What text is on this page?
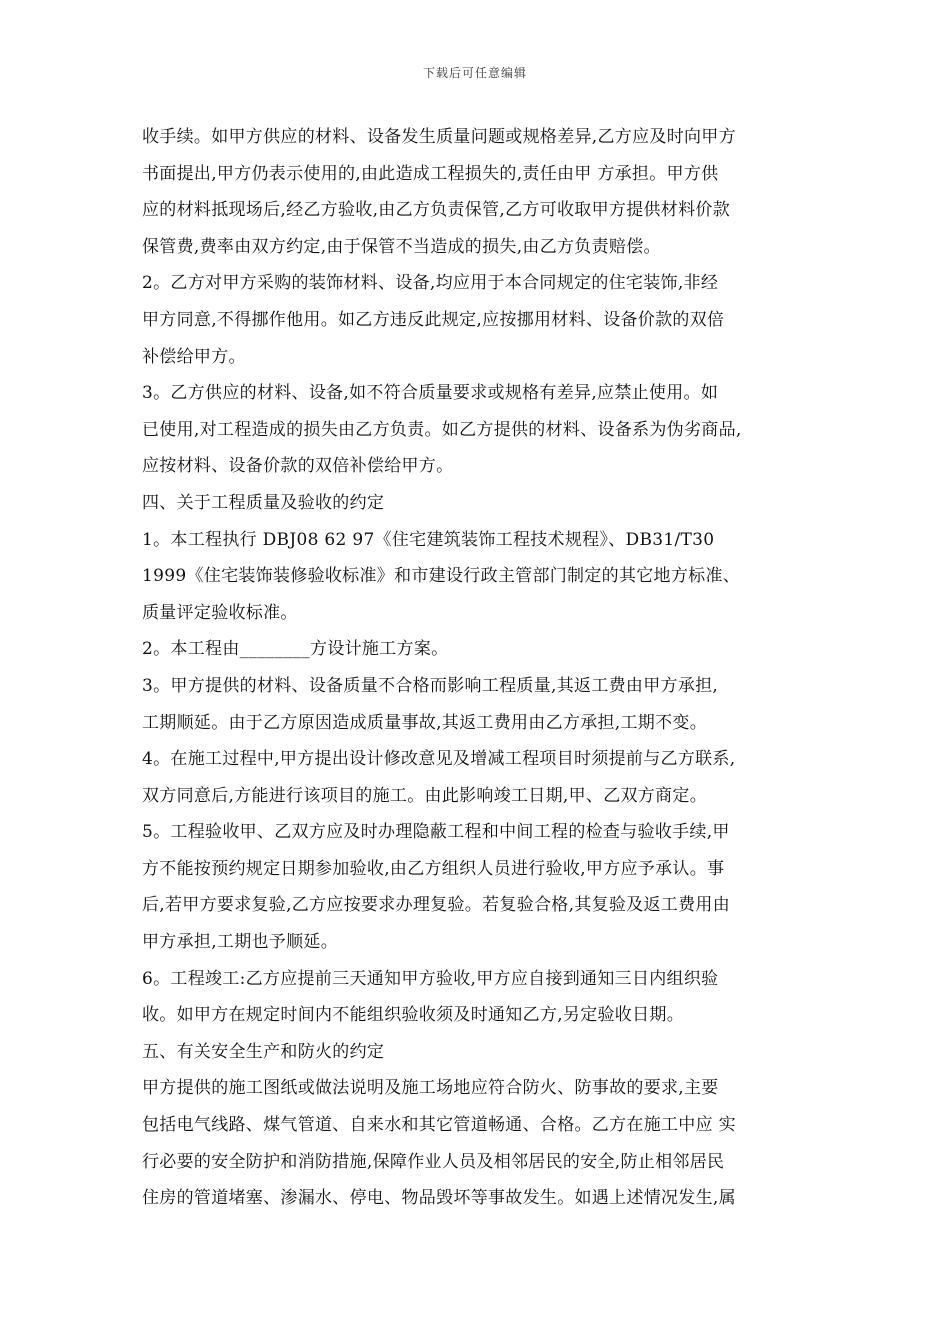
下载后可任意编辑
收手续。如甲方供应的材料、设备发生质量问题或规格差异,乙方应及时向甲方
书面提出,甲方仍表示使用的,由此造成工程损失的,责任由甲 方承担。甲方供
应的材料抵现场后,经乙方验收,由乙方负责保管,乙方可收取甲方提供材料价款
保管费,费率由双方约定,由于保管不当造成的损失,由乙方负责赔偿。
2。乙方对甲方采购的装饰材料、设备,均应用于本合同规定的住宅装饰,非经
甲方同意,不得挪作他用。如乙方违反此规定,应按挪用材料、设备价款的双倍
补偿给甲方。
3。乙方供应的材料、设备,如不符合质量要求或规格有差异,应禁止使用。如
已使用,对工程造成的损失由乙方负责。如乙方提供的材料、设备系为伪劣商品,
应按材料、设备价款的双倍补偿给甲方。
四、关于工程质量及验收的约定
1。本工程执行 DBJ08 62 97《住宅建筑装饰工程技术规程》、DB31/T30
1999《住宅装饰装修验收标准》和市建设行政主管部门制定的其它地方标准、
质量评定验收标准。
2。本工程由________方设计施工方案。
3。甲方提供的材料、设备质量不合格而影响工程质量,其返工费由甲方承担,
工期顺延。由于乙方原因造成质量事故,其返工费用由乙方承担,工期不变。
4。在施工过程中,甲方提出设计修改意见及增减工程项目时须提前与乙方联系,
双方同意后,方能进行该项目的施工。由此影响竣工日期,甲、乙双方商定。
5。工程验收甲、乙双方应及时办理隐蔽工程和中间工程的检查与验收手续,甲
方不能按预约规定日期参加验收,由乙方组织人员进行验收,甲方应予承认。事
后,若甲方要求复验,乙方应按要求办理复验。若复验合格,其复验及返工费用由
甲方承担,工期也予顺延。
6。工程竣工:乙方应提前三天通知甲方验收,甲方应自接到通知三日内组织验
收。如甲方在规定时间内不能组织验收须及时通知乙方,另定验收日期。
五、有关安全生产和防火的约定
甲方提供的施工图纸或做法说明及施工场地应符合防火、防事故的要求,主要
包括电气线路、煤气管道、自来水和其它管道畅通、合格。乙方在施工中应 实
行必要的安全防护和消防措施,保障作业人员及相邻居民的安全,防止相邻居民
住房的管道堵塞、渗漏水、停电、物品毁坏等事故发生。如遇上述情况发生,属
